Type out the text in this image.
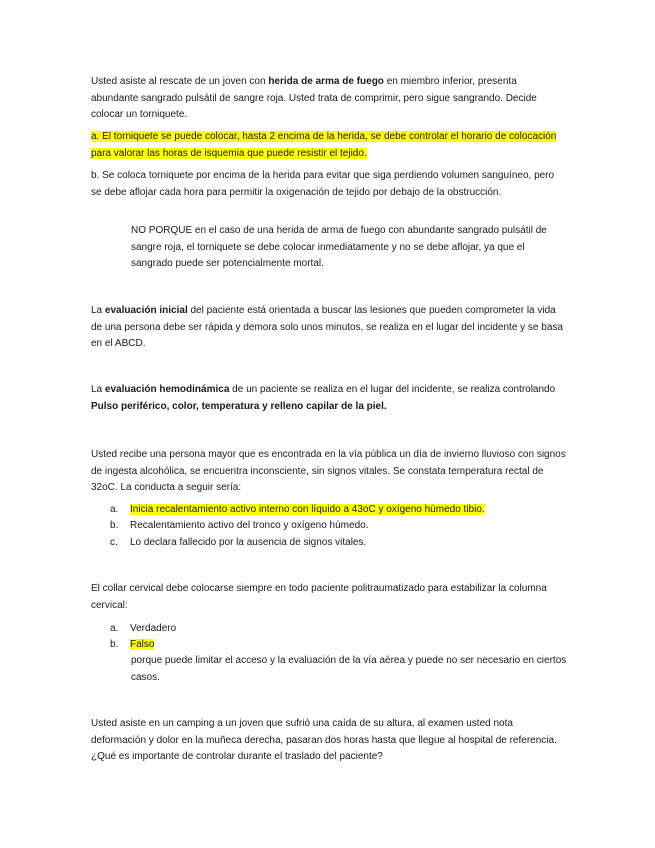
Usted asiste al rescate de un joven con herida de arma de fuego en miembro inferior, presenta abundante sangrado pulsátil de sangre roja. Usted trata de comprimir, pero sigue sangrando. Decide colocar un torniquete.

a. El torniquete se puede colocar, hasta 2 encima de la herida, se debe controlar el horario de colocación para valorar las horas de isquemia que puede resistir el tejido.

b. Se coloca torniquete por encima de la herida para evitar que siga perdiendo volumen sanguíneo, pero se debe aflojar cada hora para permitir la oxigenación de tejido por debajo de la obstrucción.

NO PORQUE en el caso de una herida de arma de fuego con abundante sangrado pulsátil de sangre roja, el torniquete se debe colocar inmediatamente y no se debe aflojar, ya que el sangrado puede ser potencialmente mortal.

La evaluación inicial del paciente está orientada a buscar las lesiones que pueden comprometer la vida de una persona debe ser rápida y demora solo unos minutos, se realiza en el lugar del incidente y se basa en el ABCD.

La evaluación hemodinámica de un paciente se realiza en el lugar del incidente, se realiza controlando Pulso periférico, color, temperatura y relleno capilar de la piel.

Usted recibe una persona mayor que es encontrada en la vía pública un día de invierno lluvioso con signos de ingesta alcohólica, se encuentra inconsciente, sin signos vitales. Se constata temperatura rectal de 32oC. La conducta a seguir sería:

a. Inicia recalentamiento activo interno con líquido a 43oC y oxígeno húmedo tibio.
b. Recalentamiento activo del tronco y oxígeno húmedo.
c. Lo declara fallecido por la ausencia de signos vitales.

El collar cervical debe colocarse siempre en todo paciente politraumatizado para estabilizar la columna cervical:

a. Verdadero
b. Falso
porque puede limitar el acceso y la evaluación de la vía aérea y puede no ser necesario en ciertos casos.

Usted asiste en un camping a un joven que sufrió una caída de su altura, al examen usted nota deformación y dolor en la muñeca derecha, pasaran dos horas hasta que llegue al hospital de referencia. ¿Qué es importante de controlar durante el traslado del paciente?
